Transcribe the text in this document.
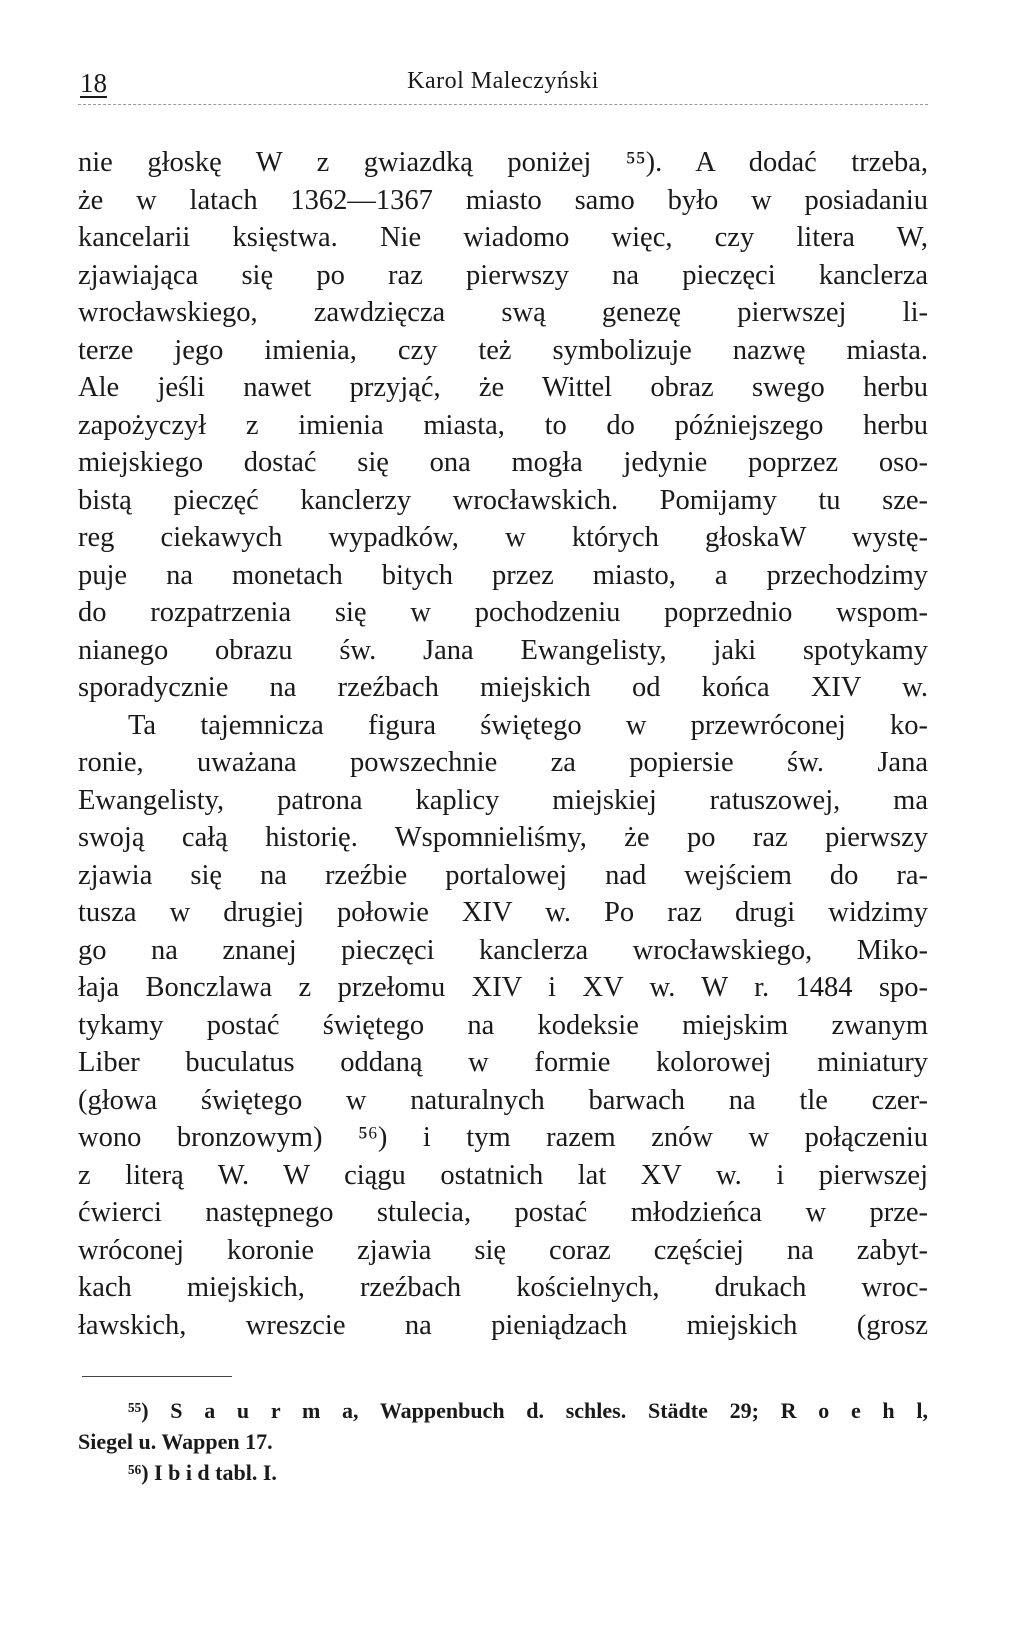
18	Karol Maleczyński
nie głoskę W z gwiazdką poniżej ⁵⁵). A dodać trzeba,
że w latach 1362—1367 miasto samo było w posiadaniu
kancelarii księstwa. Nie wiadomo więc, czy litera W,
zjawiająca się po raz pierwszy na pieczęci kanclerza
wrocławskiego, zawdzięcza swą genezę pierwszej li-
terze jego imienia, czy też symbolizuje nazwę miasta.
Ale jeśli nawet przyjąć, że Wittel obraz swego herbu
zapożyczył z imienia miasta, to do późniejszego herbu
miejskiego dostać się ona mogła jedynie poprzez oso-
bistą pieczęć kanclerzy wrocławskich. Pomijamy tu sze-
reg ciekawych wypadków, w których głoskaW wystę-
puje na monetach bitych przez miasto, a przechodzimy
do rozpatrzenia się w pochodzeniu poprzednio wspom-
nianego obrazu św. Jana Ewangelisty, jaki spotykamy
sporadycznie na rzeźbach miejskich od końca XIV w.
Ta tajemnicza figura świętego w przewróconej ko-
ronie, uważana powszechnie za popiersie św. Jana
Ewangelisty, patrona kaplicy miejskiej ratuszowej, ma
swoją całą historię. Wspomnieliśmy, że po raz pierwszy
zjawia się na rzeźbie portalowej nad wejściem do ra-
tusza w drugiej połowie XIV w. Po raz drugi widzimy
go na znanej pieczęci kanclerza wrocławskiego, Miko-
łaja Bonczlawa z przełomu XIV i XV w. W r. 1484 spo-
tykamy postać świętego na kodeksie miejskim zwanym
Liber buculatus oddaną w formie kolorowej miniatury
(głowa świętego w naturalnych barwach na tle czer-
wono bronzowym) ⁵⁶) i tym razem znów w połączeniu
z literą W. W ciągu ostatnich lat XV w. i pierwszej
ćwierci następnego stulecia, postać młodzieńca w prze-
wróconej koronie zjawia się coraz częściej na zabyt-
kach miejskich, rzeźbach kościelnych, drukach wroc-
ławskich, wreszcie na pieniądzach miejskich (grosz
⁵⁵) S a u r m a, Wappenbuch d. schles. Städte 29; R o e h l,
Siegel u. Wappen 17.
⁵⁶) I b i d tabl. I.
